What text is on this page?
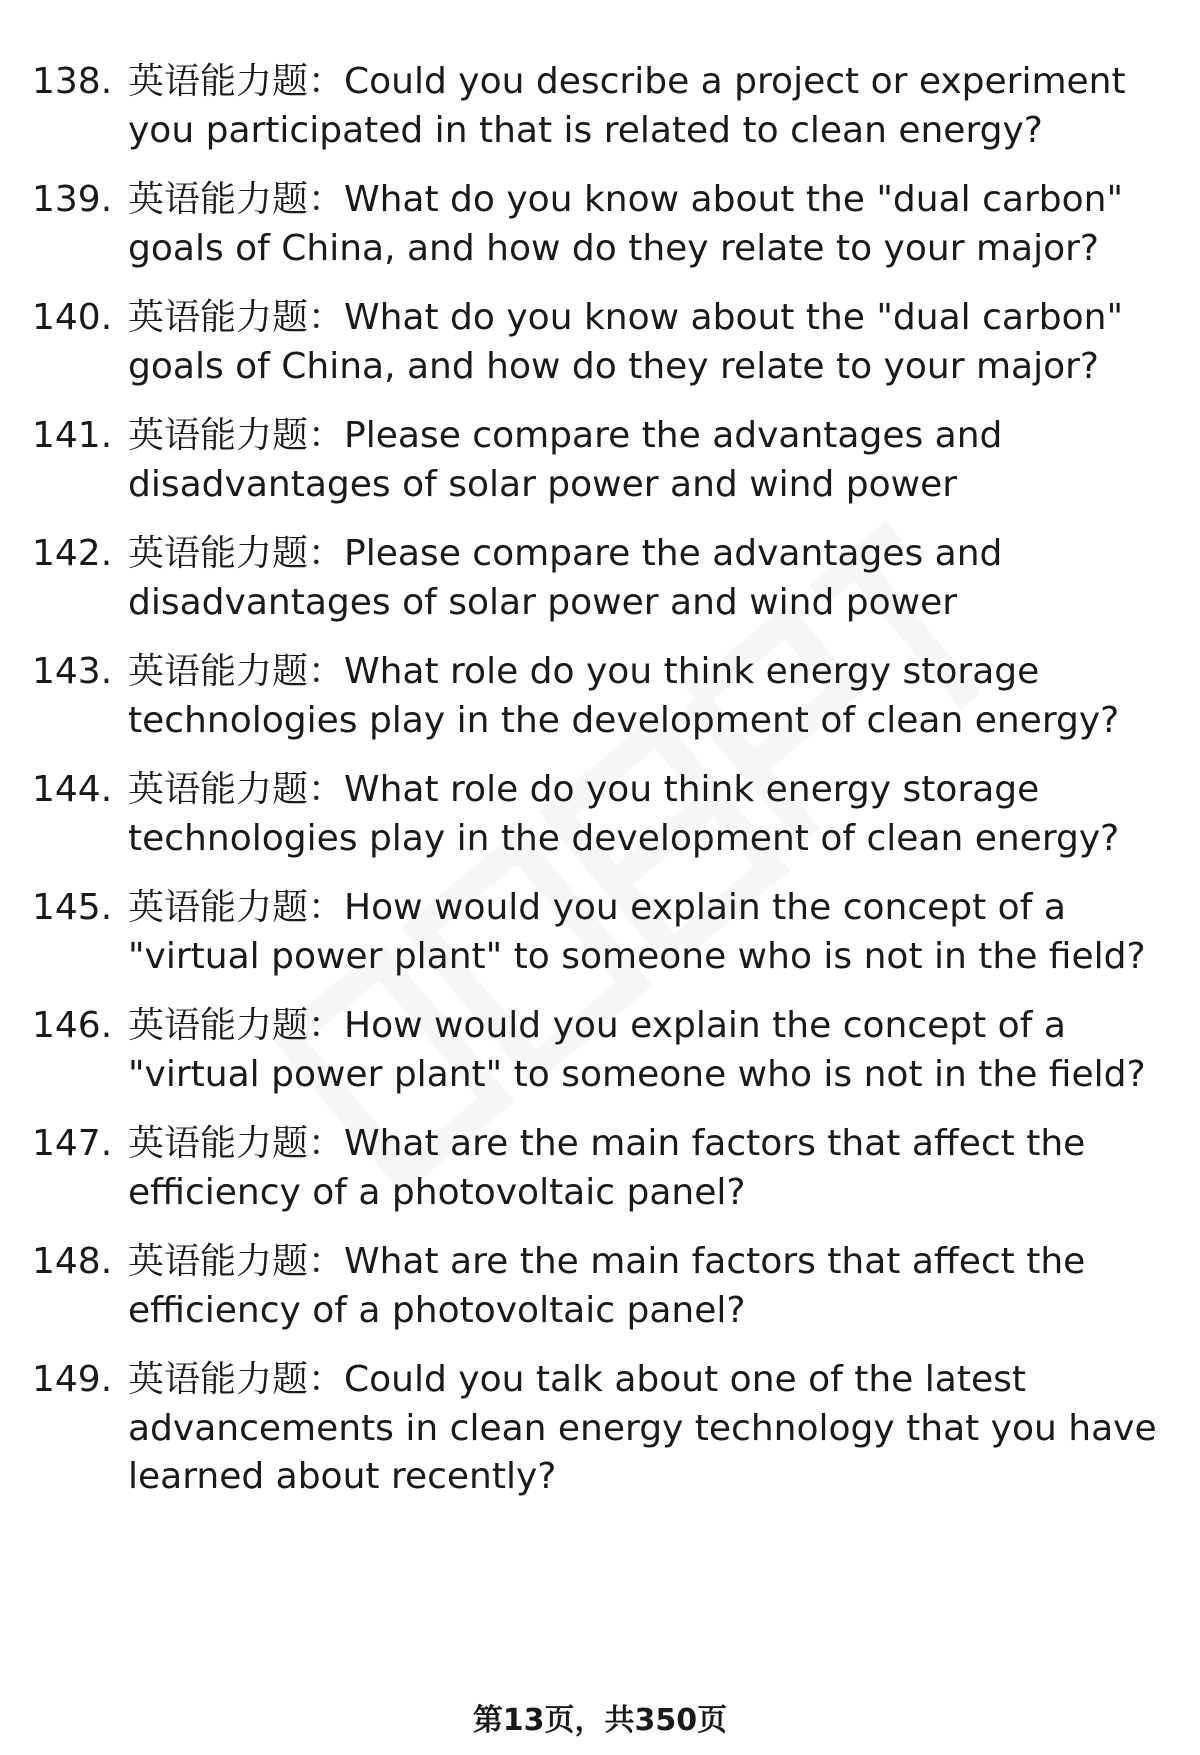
138. 英语能力题：Could you describe a project or experiment you participated in that is related to clean energy?
139. 英语能力题：What do you know about the "dual carbon" goals of China, and how do they relate to your major?
140. 英语能力题：What do you know about the "dual carbon" goals of China, and how do they relate to your major?
141. 英语能力题：Please compare the advantages and disadvantages of solar power and wind power
142. 英语能力题：Please compare the advantages and disadvantages of solar power and wind power
143. 英语能力题：What role do you think energy storage technologies play in the development of clean energy?
144. 英语能力题：What role do you think energy storage technologies play in the development of clean energy?
145. 英语能力题：How would you explain the concept of a "virtual power plant" to someone who is not in the field?
146. 英语能力题：How would you explain the concept of a "virtual power plant" to someone who is not in the field?
147. 英语能力题：What are the main factors that affect the efficiency of a photovoltaic panel?
148. 英语能力题：What are the main factors that affect the efficiency of a photovoltaic panel?
149. 英语能力题：Could you talk about one of the latest advancements in clean energy technology that you have learned about recently?
第13页，共350页
